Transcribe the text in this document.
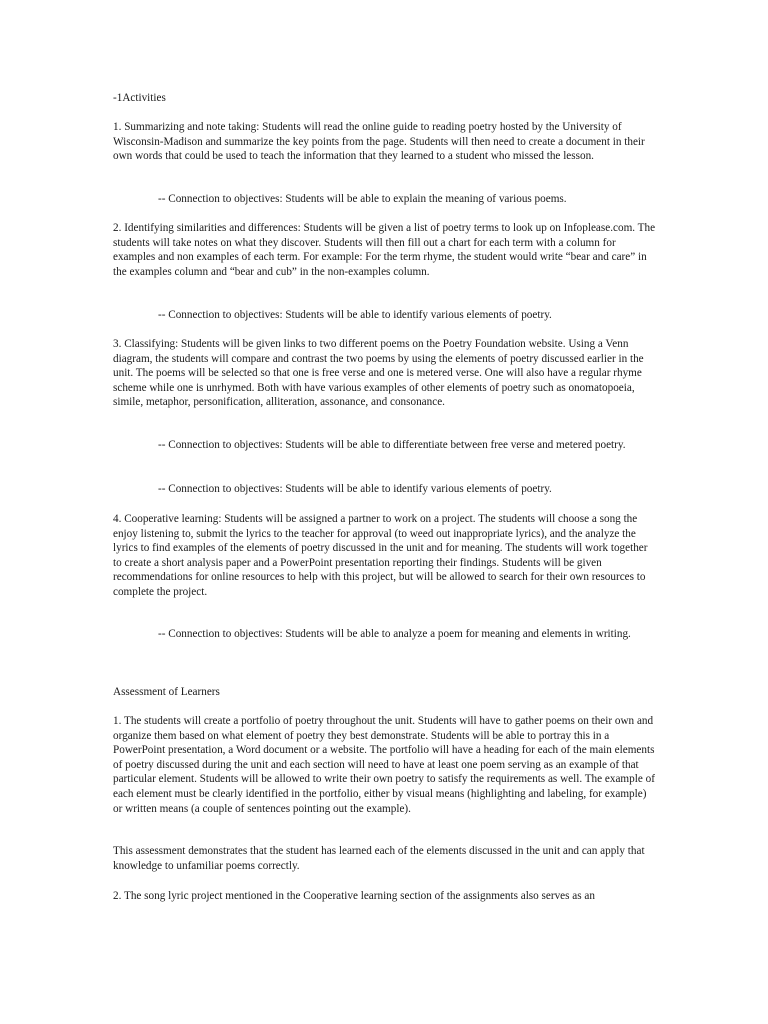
-1Activities

1. Summarizing and note taking: Students will read the online guide to reading poetry hosted by the University of Wisconsin-Madison and summarize the key points from the page. Students will then need to create a document in their own words that could be used to teach the information that they learned to a student who missed the lesson.

-- Connection to objectives: Students will be able to explain the meaning of various poems.

2. Identifying similarities and differences: Students will be given a list of poetry terms to look up on Infoplease.com. The students will take notes on what they discover. Students will then fill out a chart for each term with a column for examples and non examples of each term. For example: For the term rhyme, the student would write “bear and care” in the examples column and “bear and cub” in the non-examples column.

-- Connection to objectives: Students will be able to identify various elements of poetry.

3. Classifying: Students will be given links to two different poems on the Poetry Foundation website. Using a Venn diagram, the students will compare and contrast the two poems by using the elements of poetry discussed earlier in the unit. The poems will be selected so that one is free verse and one is metered verse. One will also have a regular rhyme scheme while one is unrhymed. Both with have various examples of other elements of poetry such as onomatopoeia, simile, metaphor, personification, alliteration, assonance, and consonance.

-- Connection to objectives: Students will be able to differentiate between free verse and metered poetry.

-- Connection to objectives: Students will be able to identify various elements of poetry.

4. Cooperative learning: Students will be assigned a partner to work on a project. The students will choose a song the enjoy listening to, submit the lyrics to the teacher for approval (to weed out inappropriate lyrics), and the analyze the lyrics to find examples of the elements of poetry discussed in the unit and for meaning. The students will work together to create a short analysis paper and a PowerPoint presentation reporting their findings. Students will be given recommendations for online resources to help with this project, but will be allowed to search for their own resources to complete the project.

-- Connection to objectives: Students will be able to analyze a poem for meaning and elements in writing.

Assessment of Learners

1. The students will create a portfolio of poetry throughout the unit. Students will have to gather poems on their own and organize them based on what element of poetry they best demonstrate. Students will be able to portray this in a PowerPoint presentation, a Word document or a website. The portfolio will have a heading for each of the main elements of poetry discussed during the unit and each section will need to have at least one poem serving as an example of that particular element. Students will be allowed to write their own poetry to satisfy the requirements as well. The example of each element must be clearly identified in the portfolio, either by visual means (highlighting and labeling, for example) or written means (a couple of sentences pointing out the example).

This assessment demonstrates that the student has learned each of the elements discussed in the unit and can apply that knowledge to unfamiliar poems correctly.

2. The song lyric project mentioned in the Cooperative learning section of the assignments also serves as an
